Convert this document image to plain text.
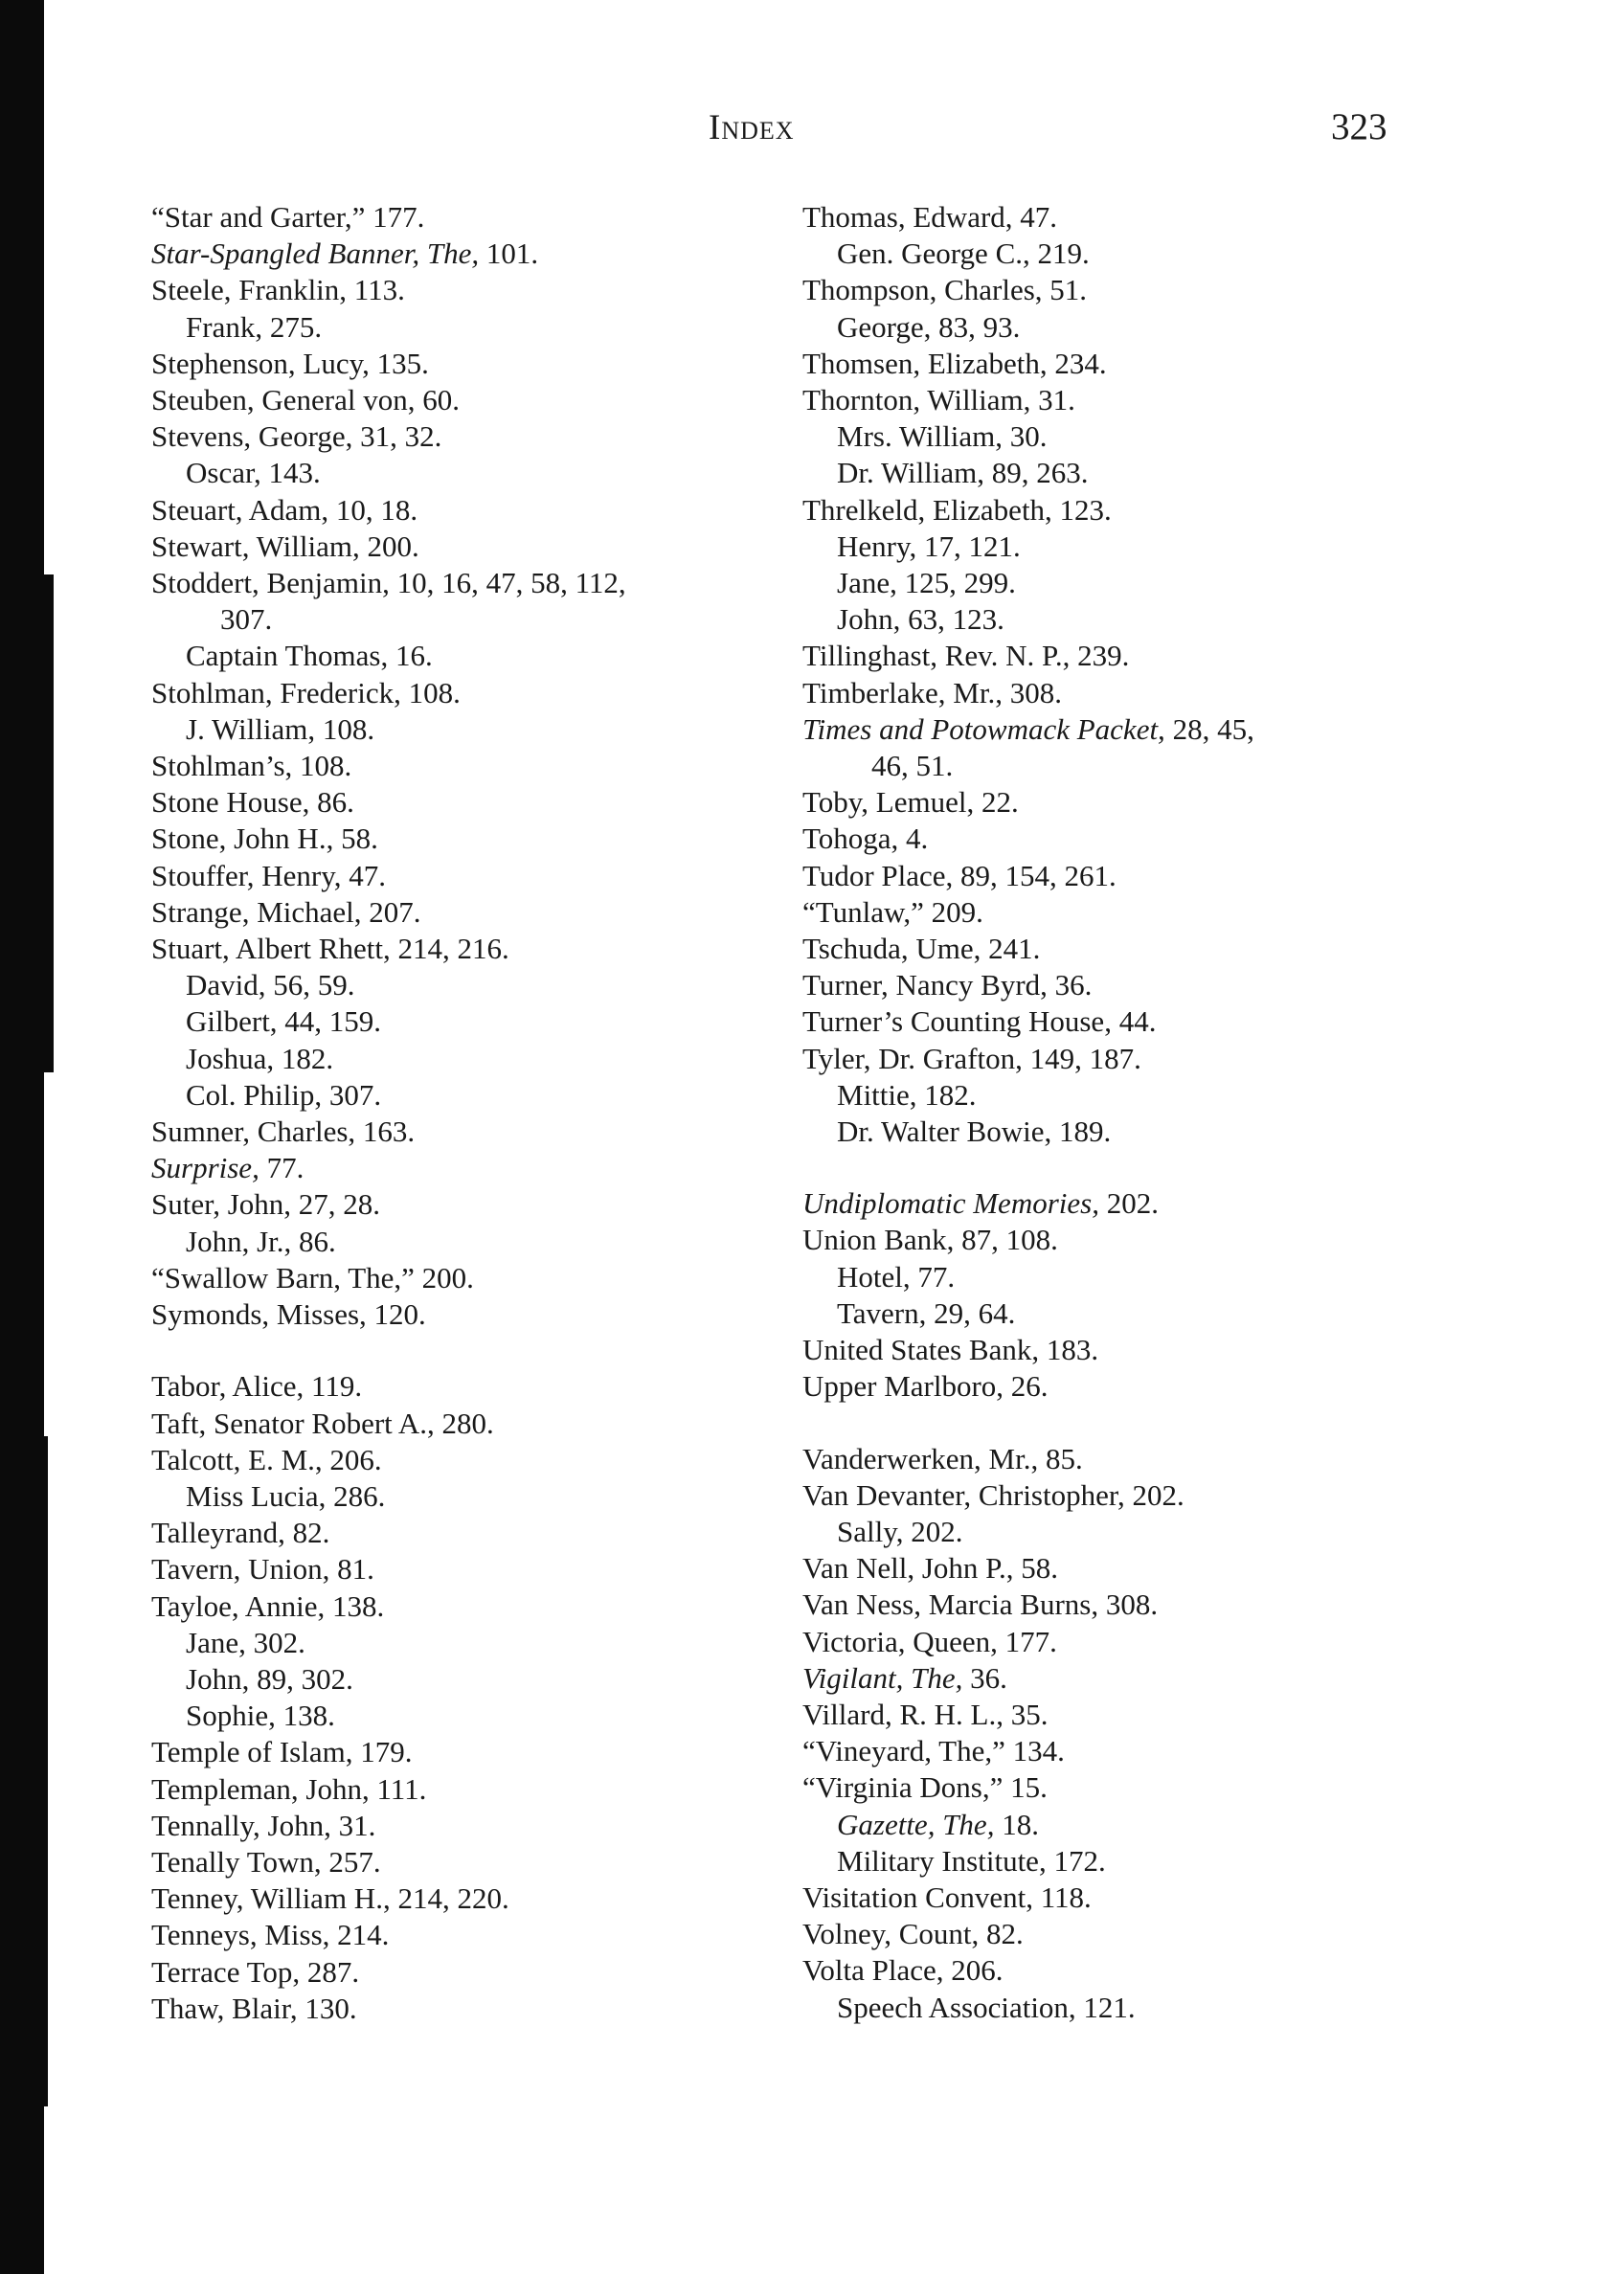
Index	323
“Star and Garter,” 177.
Star-Spangled Banner, The, 101.
Steele, Franklin, 113.
Frank, 275.
Stephenson, Lucy, 135.
Steuben, General von, 60.
Stevens, George, 31, 32.
Oscar, 143.
Steuart, Adam, 10, 18.
Stewart, William, 200.
Stoddert, Benjamin, 10, 16, 47, 58, 112,
307.
Captain Thomas, 16.
Stohlman, Frederick, 108.
J. William, 108.
Stohlman’s, 108.
Stone House, 86.
Stone, John H., 58.
Stouffer, Henry, 47.
Strange, Michael, 207.
Stuart, Albert Rhett, 214, 216.
David, 56, 59.
Gilbert, 44, 159.
Joshua, 182.
Col. Philip, 307.
Sumner, Charles, 163.
Surprise, 77.
Suter, John, 27, 28.
John, Jr., 86.
“Swallow Barn, The,” 200.
Symonds, Misses, 120.
Tabor, Alice, 119.
Taft, Senator Robert A., 280.
Talcott, E. M., 206.
Miss Lucia, 286.
Talleyrand, 82.
Tavern, Union, 81.
Tayloe, Annie, 138.
Jane, 302.
John, 89, 302.
Sophie, 138.
Temple of Islam, 179.
Templeman, John, 111.
Tennally, John, 31.
Tenally Town, 257.
Tenney, William H., 214, 220.
Tenneys, Miss, 214.
Terrace Top, 287.
Thaw, Blair, 130.
Thomas, Edward, 47.
Gen. George C., 219.
Thompson, Charles, 51.
George, 83, 93.
Thomsen, Elizabeth, 234.
Thornton, William, 31.
Mrs. William, 30.
Dr. William, 89, 263.
Threlkeld, Elizabeth, 123.
Henry, 17, 121.
Jane, 125, 299.
John, 63, 123.
Tillinghast, Rev. N. P., 239.
Timberlake, Mr., 308.
Times and Potowmack Packet, 28, 45,
46, 51.
Toby, Lemuel, 22.
Tohoga, 4.
Tudor Place, 89, 154, 261.
“Tunlaw,” 209.
Tschuda, Ume, 241.
Turner, Nancy Byrd, 36.
Turner’s Counting House, 44.
Tyler, Dr. Grafton, 149, 187.
Mittie, 182.
Dr. Walter Bowie, 189.
Undiplomatic Memories, 202.
Union Bank, 87, 108.
Hotel, 77.
Tavern, 29, 64.
United States Bank, 183.
Upper Marlboro, 26.
Vanderwerken, Mr., 85.
Van Devanter, Christopher, 202.
Sally, 202.
Van Nell, John P., 58.
Van Ness, Marcia Burns, 308.
Victoria, Queen, 177.
Vigilant, The, 36.
Villard, R. H. L., 35.
“Vineyard, The,” 134.
“Virginia Dons,” 15.
Gazette, The, 18.
Military Institute, 172.
Visitation Convent, 118.
Volney, Count, 82.
Volta Place, 206.
Speech Association, 121.
